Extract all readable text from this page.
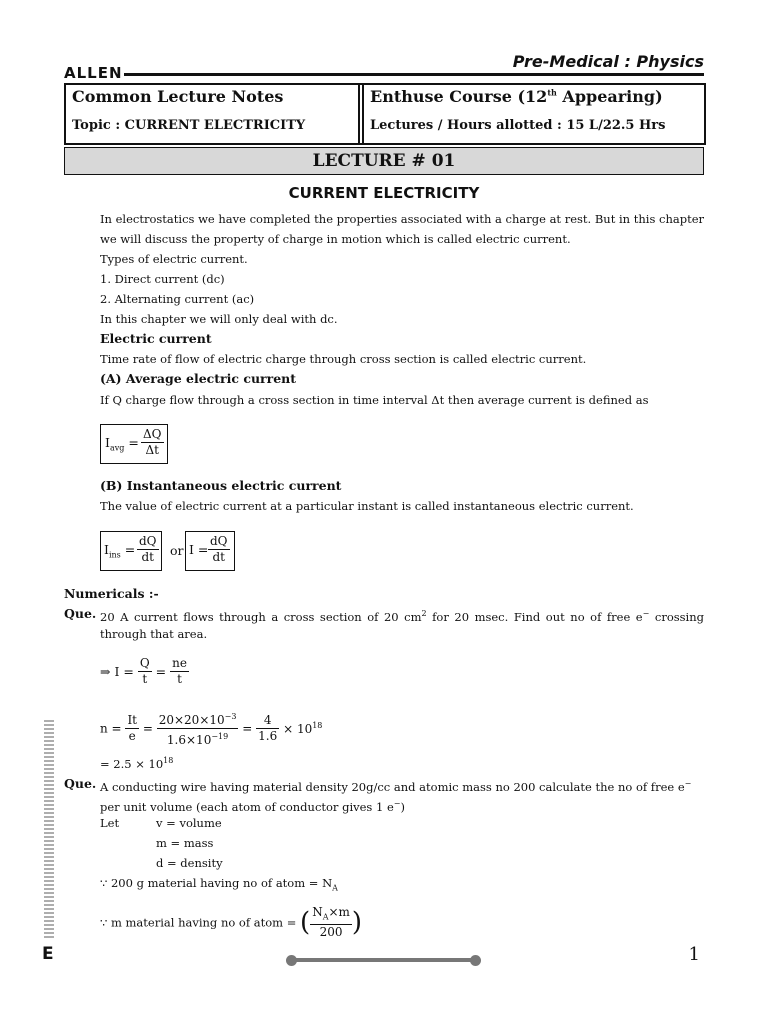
ALLEN
Pre-Medical : Physics
Common Lecture Notes
Topic : CURRENT ELECTRICITY
Enthuse Course (12th Appearing)
Lectures / Hours allotted : 15 L/22.5 Hrs
LECTURE # 01
CURRENT ELECTRICITY
In electrostatics we have completed the properties associated with a charge at rest. But in this chapter
we will discuss the property of charge in motion which is called electric current.
Types of electric current.
1. Direct current (dc)
2. Alternating current (ac)
In this chapter we will only deal with dc.
Electric current
Time rate of flow of electric charge through cross section is called electric current.
(A) Average electric current
If Q charge flow through a cross section in time interval Δt then average current is defined as
$I_{avg} = \frac{\Delta Q}{\Delta t}$
(B) Instantaneous electric current
The value of electric current at a particular instant is called instantaneous electric current.
$I_{ins} = \frac{dQ}{dt}$ or $I = \frac{dQ}{dt}$
Numericals :-
Que. 20 A current flows through a cross section of 20 $cm^2$ for 20 msec. Find out no of free e− crossing
through that area.
⇒ $I = \frac{Q}{t} = \frac{ne}{t}$
$n = \frac{It}{e} = \frac{20\times 20\times 10^{-3}}{1.6\times 10^{-19}} = \frac{4}{1.6} \times 10^{18}$
= $2.5 \times 10^{18}$
Que. A conducting wire having material density 20g/cc and atomic mass no 200 calculate the no of free e−
per unit volume (each atom of conductor gives 1 e−)
Let	v = volume
m = mass
d = density
∵ 200 g material having no of atom = $N_A$
∵ m material having no of atom = ( $\frac{N_A\times m}{200}$ )
E	1
